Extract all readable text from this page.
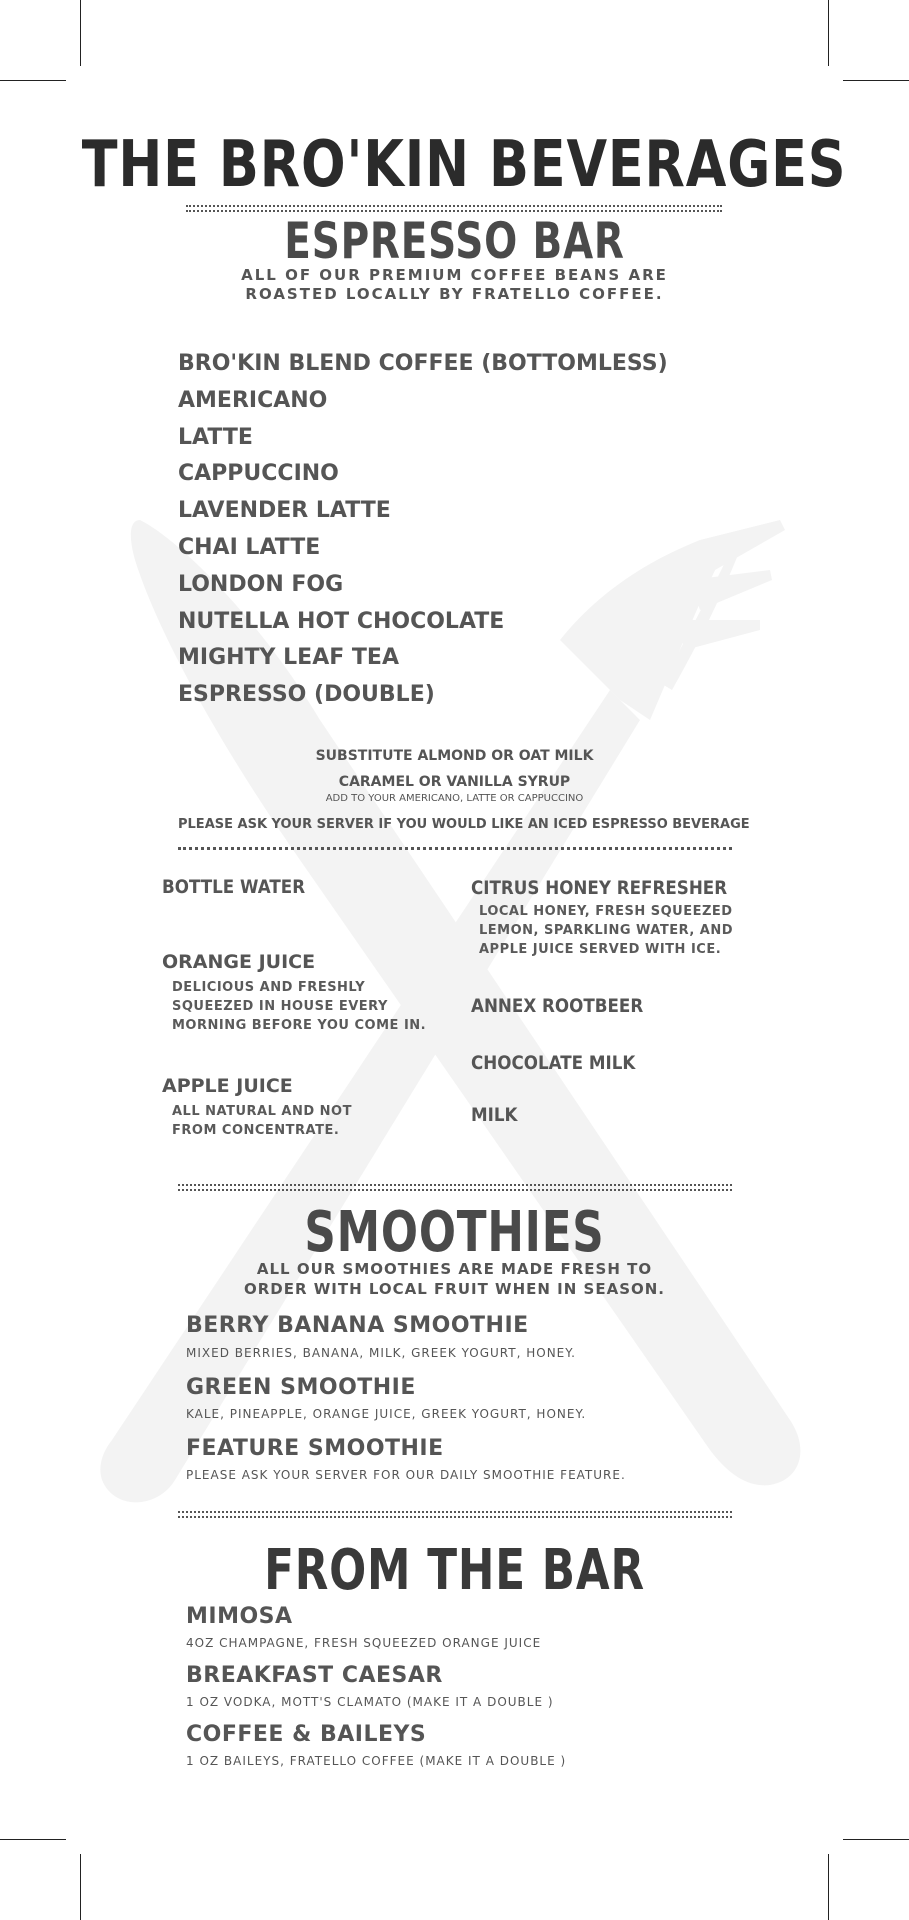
THE BRO'KIN BEVERAGES
ESPRESSO BAR
ALL OF OUR PREMIUM COFFEE BEANS ARE
ROASTED LOCALLY BY FRATELLO COFFEE.
BRO'KIN BLEND COFFEE (BOTTOMLESS)
AMERICANO
LATTE
CAPPUCCINO
LAVENDER LATTE
CHAI LATTE
LONDON FOG
NUTELLA HOT CHOCOLATE
MIGHTY LEAF TEA
ESPRESSO (DOUBLE)
SUBSTITUTE ALMOND OR OAT MILK
CARAMEL OR VANILLA SYRUP
ADD TO YOUR AMERICANO, LATTE OR CAPPUCCINO
PLEASE ASK YOUR SERVER IF YOU WOULD LIKE AN ICED ESPRESSO BEVERAGE
BOTTLE WATER
ORANGE JUICE
DELICIOUS AND FRESHLY
SQUEEZED IN HOUSE EVERY
MORNING BEFORE YOU COME IN.
APPLE JUICE
ALL NATURAL AND NOT
FROM CONCENTRATE.
CITRUS HONEY REFRESHER
LOCAL HONEY, FRESH SQUEEZED
LEMON, SPARKLING WATER, AND
APPLE JUICE SERVED WITH ICE.
ANNEX ROOTBEER
CHOCOLATE MILK
MILK
SMOOTHIES
ALL OUR SMOOTHIES ARE MADE FRESH TO
ORDER WITH LOCAL FRUIT WHEN IN SEASON.
BERRY BANANA SMOOTHIE
MIXED BERRIES, BANANA, MILK, GREEK YOGURT, HONEY.
GREEN SMOOTHIE
KALE, PINEAPPLE, ORANGE JUICE, GREEK YOGURT, HONEY.
FEATURE SMOOTHIE
PLEASE ASK YOUR SERVER FOR OUR DAILY SMOOTHIE FEATURE.
FROM THE BAR
MIMOSA
4OZ CHAMPAGNE, FRESH SQUEEZED ORANGE JUICE
BREAKFAST CAESAR
1 OZ VODKA, MOTT'S CLAMATO (MAKE IT A DOUBLE )
COFFEE & BAILEYS
1 OZ BAILEYS, FRATELLO COFFEE (MAKE IT A DOUBLE )
